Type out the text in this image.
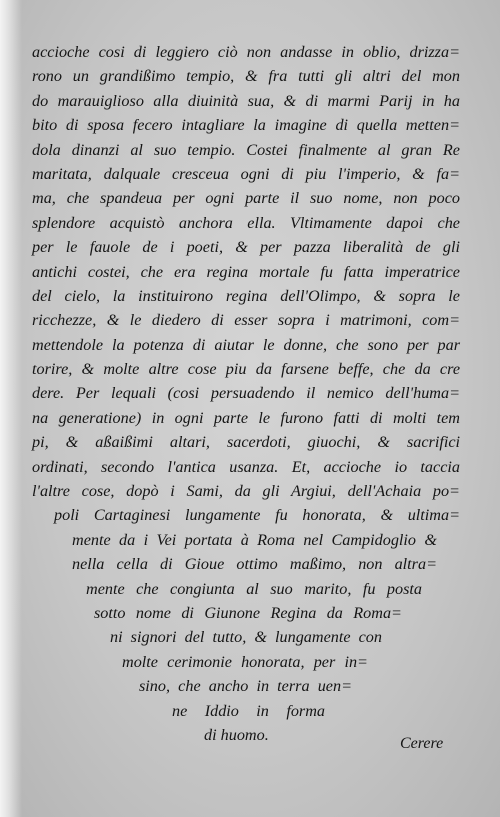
accioche cosi di leggiero ciò non andasse in oblio, drizza=
rono un grandißimo tempio, & fra tutti gli altri del mon
do marauiglioso alla diuinità sua, & di marmi Parij in ha
bito di sposa fecero intagliare la imagine di quella metten=
dola dinanzi al suo tempio. Costei finalmente al gran Re
maritata, dalquale cresceua ogni di piu l'imperio, & fa=
ma, che spandeua per ogni parte il suo nome, non poco
splendore acquistò anchora ella. Vltimamente dapoi che
per le fauole de i poeti, & per pazza liberalità de gli
antichi costei, che era regina mortale fu fatta imperatrice
del cielo, la instituirono regina dell'Olimpo, & sopra le
ricchezze, & le diedero di esser sopra i matrimoni, com=
mettendole la potenza di aiutar le donne, che sono per par
torire, & molte altre cose piu da farsene beffe, che da cre
dere. Per lequali (cosi persuadendo il nemico dell'huma=
na generatione) in ogni parte le furono fatti di molti tem
pi, & aßaißimi altari, sacerdoti, giuochi, & sacrifici
ordinati, secondo l'antica usanza. Et, accioche io taccia
l'altre cose, dopò i Sami, da gli Argiui, dell'Achaia po=
poli Cartaginesi lungamente fu honorata, & ultima=
mente da i Vei portata à Roma nel Campidoglio &
nella cella di Gioue ottimo maßimo, non altra=
mente che congiunta al suo marito, fu posta
sotto nome di Giunone Regina da Roma=
ni signori del tutto, & lungamente con
molte cerimonie honorata, per in=
sino, che ancho in terra uen=
ne Iddio in forma
di huomo.	Cerere
